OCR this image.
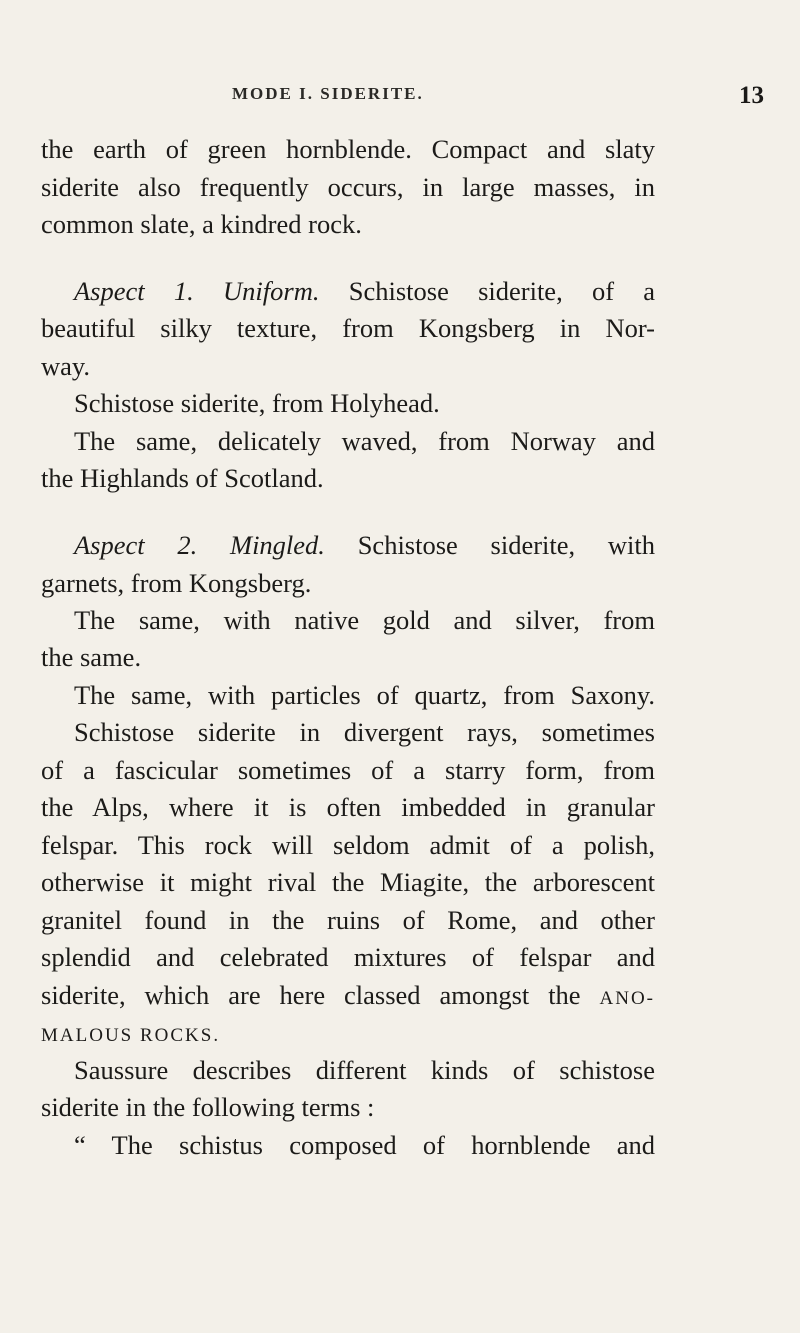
MODE I. SIDERITE.	13
the earth of green hornblende. Compact and slaty
siderite also frequently occurs, in large masses, in
common slate, a kindred rock.
Aspect 1. Uniform. Schistose siderite, of a
beautiful silky texture, from Kongsberg in Nor-
way.
Schistose siderite, from Holyhead.
The same, delicately waved, from Norway and
the Highlands of Scotland.
Aspect 2. Mingled. Schistose siderite, with
garnets, from Kongsberg.
The same, with native gold and silver, from
the same.
The same, with particles of quartz, from Saxony.
Schistose siderite in divergent rays, sometimes
of a fascicular sometimes of a starry form, from
the Alps, where it is often imbedded in granular
felspar. This rock will seldom admit of a polish,
otherwise it might rival the Miagite, the arborescent
granitel found in the ruins of Rome, and other
splendid and celebrated mixtures of felspar and
siderite, which are here classed amongst the ANO-
MALOUS ROCKS.
Saussure describes different kinds of schistose
siderite in the following terms :
“ The schistus composed of hornblende and
